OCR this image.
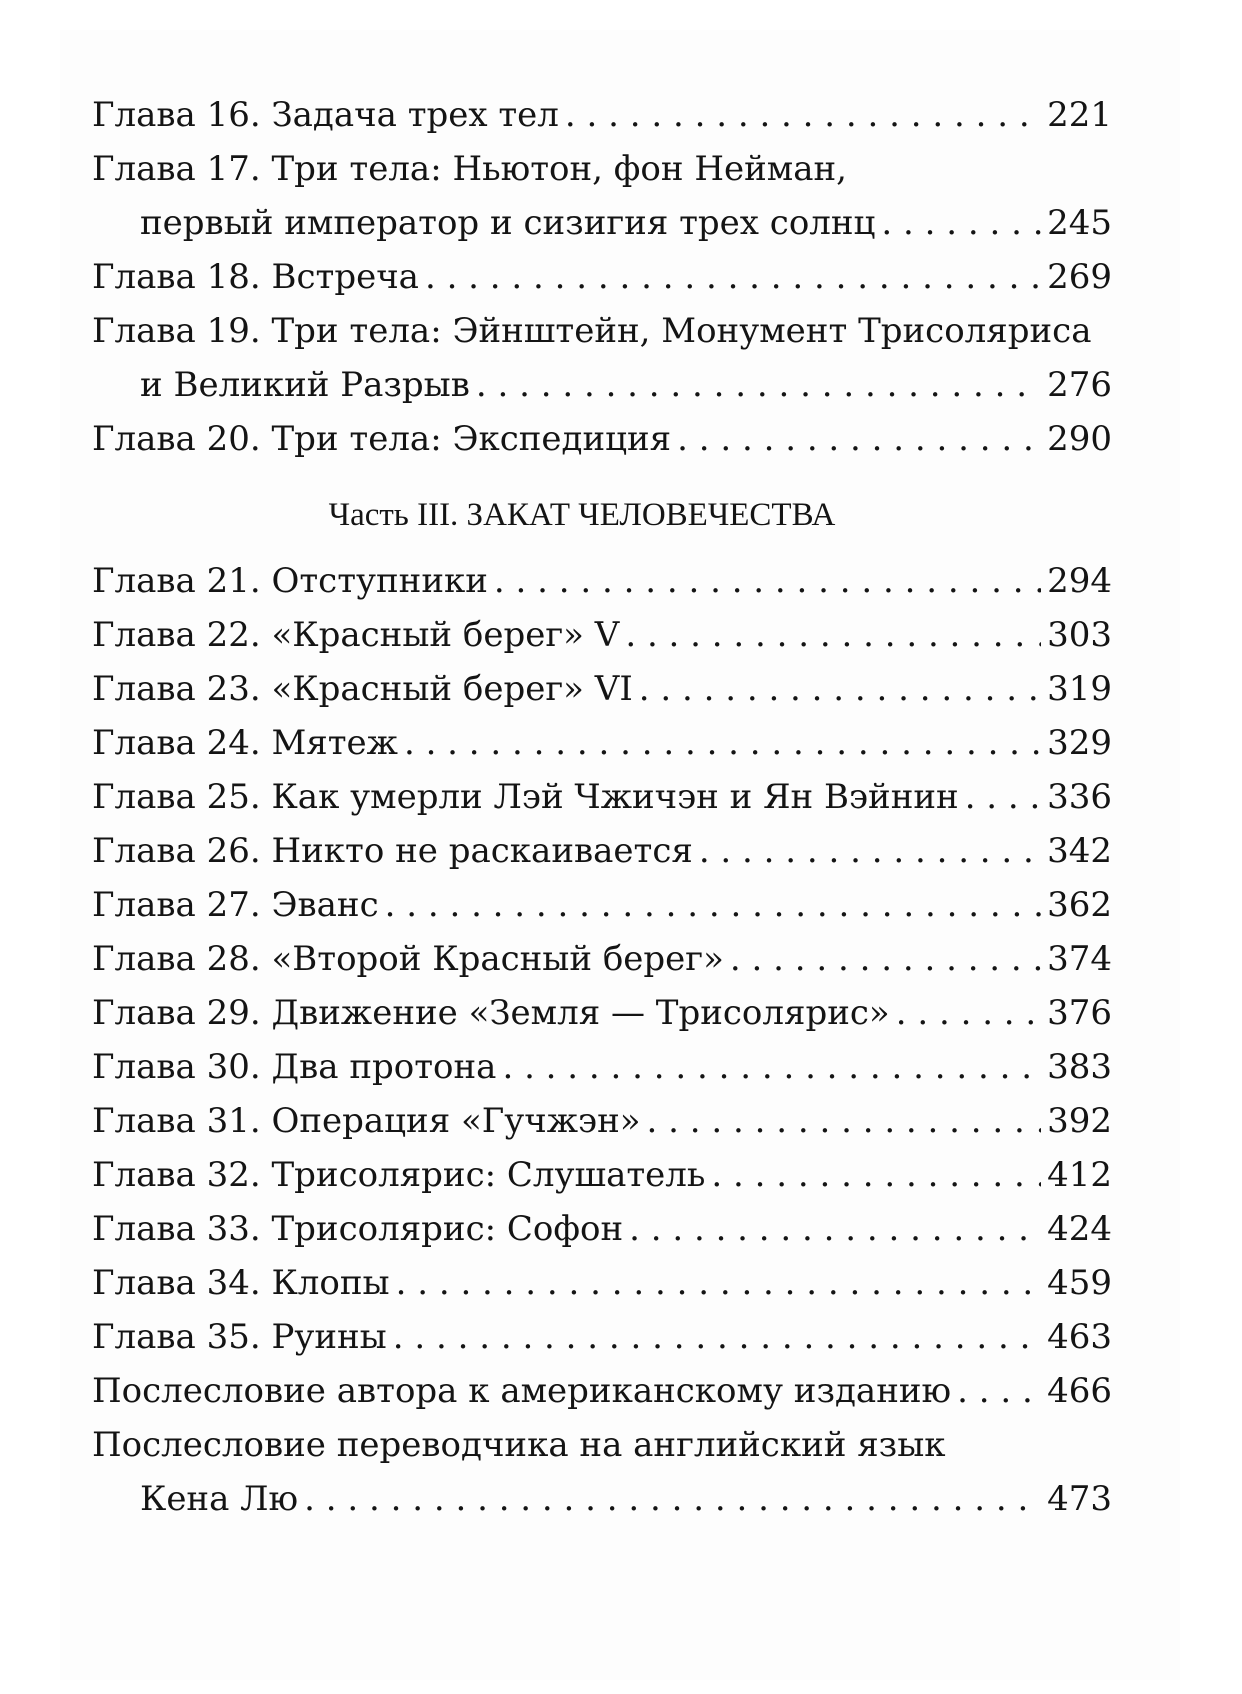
Глава 16. Задача трех тел . . .	221
Глава 17. Три тела: Ньютон, фон Нейман,
первый император и сизигия трех солнц . . .	245
Глава 18. Встреча . . .	269
Глава 19. Три тела: Эйнштейн, Монумент Трисоляриса
и Великий Разрыв . . .	276
Глава 20. Три тела: Экспедиция . . .	290
Часть III. ЗАКАТ ЧЕЛОВЕЧЕСТВА
Глава 21. Отступники . . .	294
Глава 22. «Красный берег» V . . .	303
Глава 23. «Красный берег» VI . . .	319
Глава 24. Мятеж . . .	329
Глава 25. Как умерли Лэй Чжичэн и Ян Вэйнин . . .	336
Глава 26. Никто не раскаивается . . .	342
Глава 27. Эванс . . .	362
Глава 28. «Второй Красный берег» . . .	374
Глава 29. Движение «Земля — Трисолярис» . . .	376
Глава 30. Два протона . . .	383
Глава 31. Операция «Гучжэн» . . .	392
Глава 32. Трисолярис: Слушатель . . .	412
Глава 33. Трисолярис: Софон . . .	424
Глава 34. Клопы . . .	459
Глава 35. Руины . . .	463
Послесловие автора к американскому изданию . . .	466
Послесловие переводчика на английский язык
Кена Лю . . .	473
